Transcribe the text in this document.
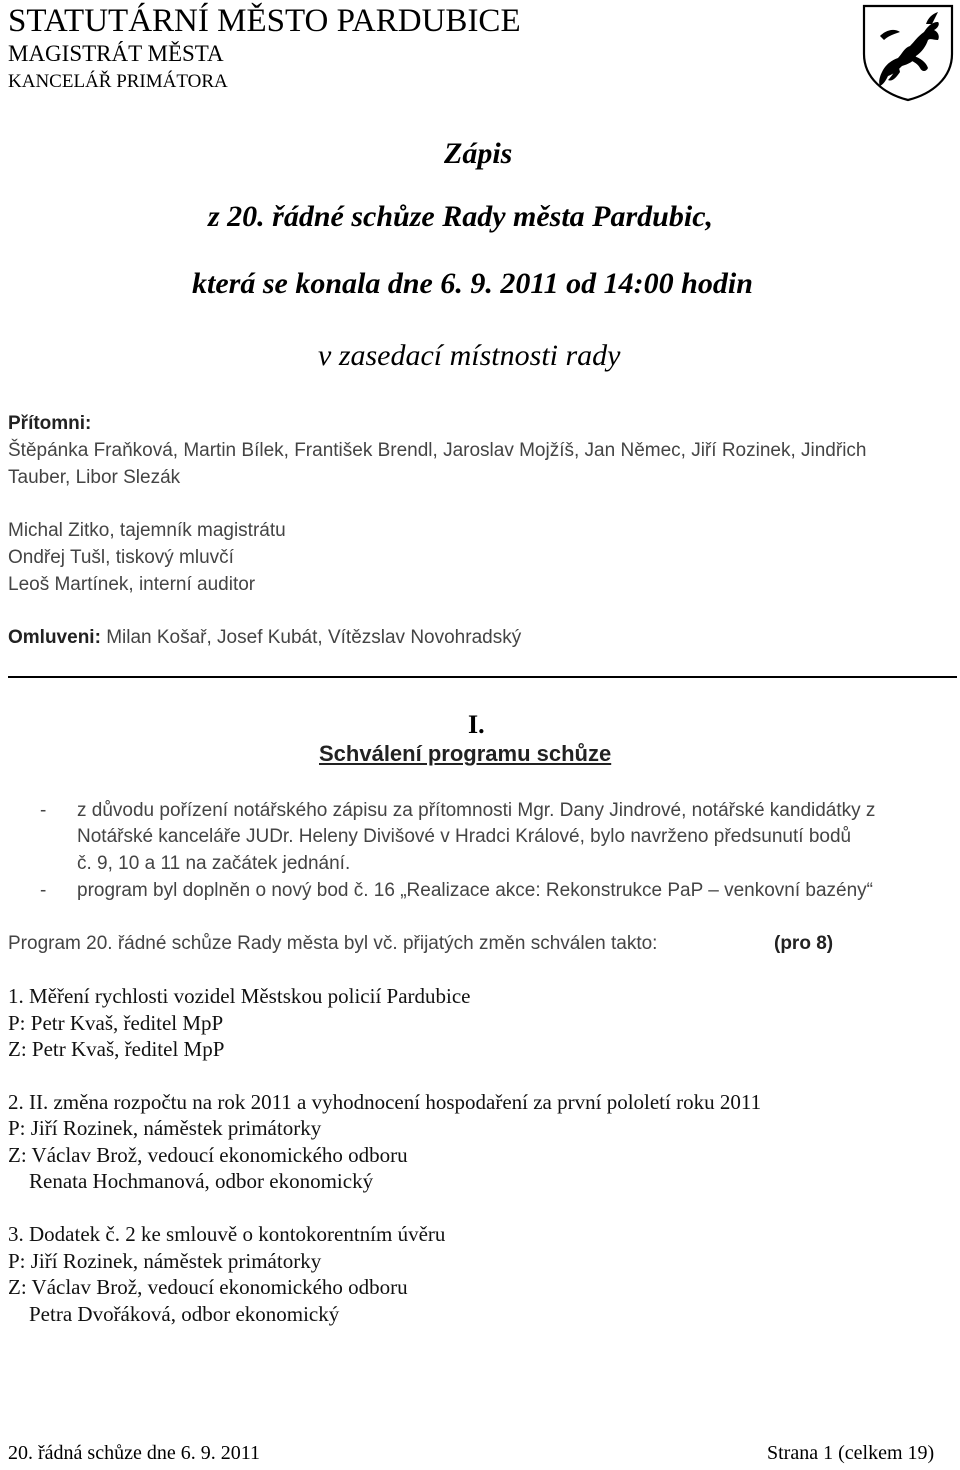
STATUTÁRNÍ MĚSTO PARDUBICE
MAGISTRÁT MĚSTA
KANCELÁŘ PRIMÁTORA
Zápis
z 20. řádné schůze Rady města Pardubic,
která se konala dne 6. 9. 2011 od 14:00 hodin
v zasedací místnosti rady
Přítomni:
Štěpánka Fraňková, Martin Bílek, František Brendl, Jaroslav Mojžíš, Jan Němec, Jiří Rozinek, Jindřich
Tauber, Libor Slezák
Michal Zitko, tajemník magistrátu
Ondřej Tušl, tiskový mluvčí
Leoš Martínek, interní auditor
Omluveni: Milan Košař, Josef Kubát, Vítězslav Novohradský
I.
Schválení programu schůze
- z důvodu pořízení notářského zápisu za přítomnosti Mgr. Dany Jindrové, notářské kandidátky z
Notářské kanceláře JUDr. Heleny Divišové v Hradci Králové, bylo navrženo předsunutí bodů
č. 9, 10 a 11 na začátek jednání.
- program byl doplněn o nový bod č. 16 „Realizace akce: Rekonstrukce PaP – venkovní bazény“
Program 20. řádné schůze Rady města byl vč. přijatých změn schválen takto:	(pro 8)
1. Měření rychlosti vozidel Městskou policií Pardubice
P: Petr Kvaš, ředitel MpP
Z: Petr Kvaš, ředitel MpP
2. II. změna rozpočtu na rok 2011 a vyhodnocení hospodaření za první pololetí roku 2011
P: Jiří Rozinek, náměstek primátorky
Z: Václav Brož, vedoucí ekonomického odboru
Renata Hochmanová, odbor ekonomický
3. Dodatek č. 2 ke smlouvě o kontokorentním úvěru
P: Jiří Rozinek, náměstek primátorky
Z: Václav Brož, vedoucí ekonomického odboru
Petra Dvořáková, odbor ekonomický
20. řádná schůze dne 6. 9. 2011	Strana 1 (celkem 19)
